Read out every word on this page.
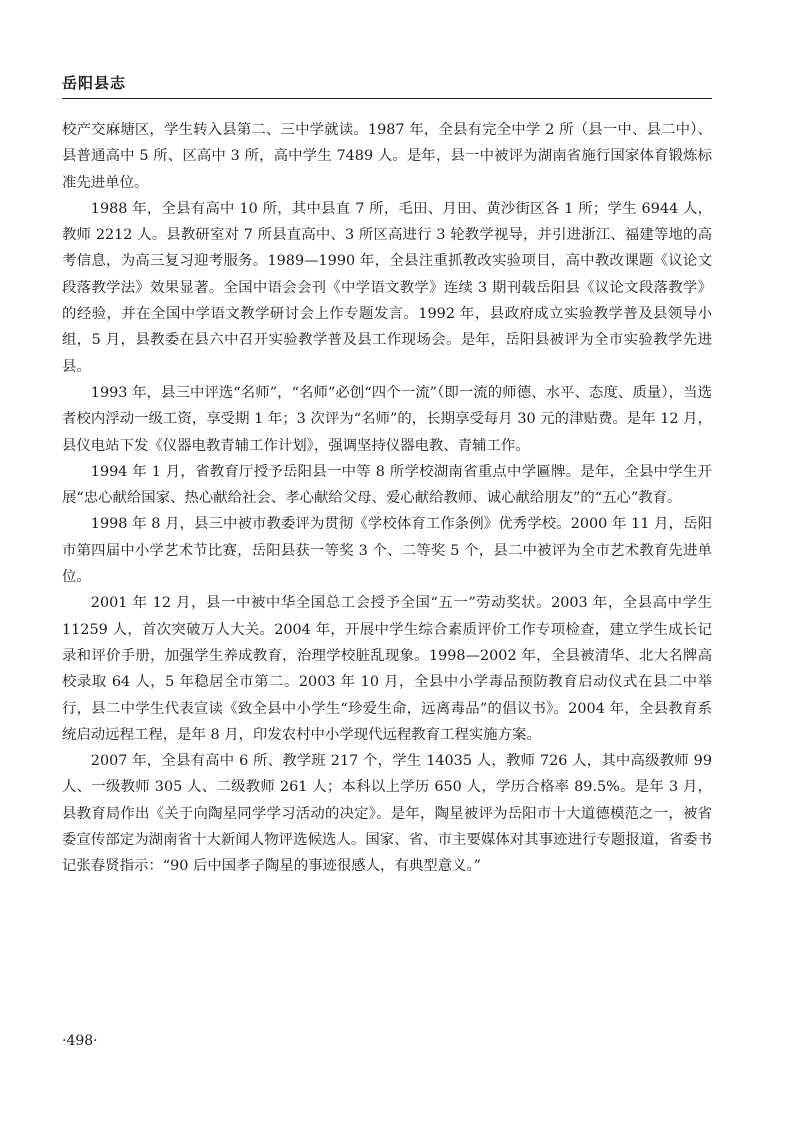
岳阳县志

校产交麻塘区，学生转入县第二、三中学就读。1987 年，全县有完全中学 2 所（县一中、县二中）、县普通高中 5 所、区高中 3 所，高中学生 7489 人。是年，县一中被评为湖南省施行国家体育锻炼标准先进单位。

1988 年，全县有高中 10 所，其中县直 7 所，毛田、月田、黄沙街区各 1 所；学生 6944 人，教师 2212 人。县教研室对 7 所县直高中、3 所区高进行 3 轮教学视导，并引进浙江、福建等地的高考信息，为高三复习迎考服务。1989—1990 年，全县注重抓教改实验项目，高中教改课题《议论文段落教学法》效果显著。全国中语会会刊《中学语文教学》连续 3 期刊载岳阳县《议论文段落教学》的经验，并在全国中学语文教学研讨会上作专题发言。1992 年，县政府成立实验教学普及县领导小组，5 月，县教委在县六中召开实验教学普及县工作现场会。是年，岳阳县被评为全市实验教学先进县。

1993 年，县三中评选“名师”，“名师”必创“四个一流”（即一流的师德、水平、态度、质量），当选者校内浮动一级工资，享受期 1 年；3 次评为“名师”的，长期享受每月 30 元的津贴费。是年 12 月，县仪电站下发《仪器电教青辅工作计划》，强调坚持仪器电教、青辅工作。

1994 年 1 月，省教育厅授予岳阳县一中等 8 所学校湖南省重点中学匾牌。是年，全县中学生开展“忠心献给国家、热心献给社会、孝心献给父母、爱心献给教师、诚心献给朋友”的“五心”教育。

1998 年 8 月，县三中被市教委评为贯彻《学校体育工作条例》优秀学校。2000 年 11 月，岳阳市第四届中小学艺术节比赛，岳阳县获一等奖 3 个、二等奖 5 个，县二中被评为全市艺术教育先进单位。

2001 年 12 月，县一中被中华全国总工会授予全国“五一”劳动奖状。2003 年，全县高中学生 11259 人，首次突破万人大关。2004 年，开展中学生综合素质评价工作专项检查，建立学生成长记录和评价手册，加强学生养成教育，治理学校脏乱现象。1998—2002 年，全县被清华、北大名牌高校录取 64 人，5 年稳居全市第二。2003 年 10 月，全县中小学毒品预防教育启动仪式在县二中举行，县二中学生代表宣读《致全县中小学生“珍爱生命，远离毒品”的倡议书》。2004 年，全县教育系统启动远程工程，是年 8 月，印发农村中小学现代远程教育工程实施方案。

2007 年，全县有高中 6 所、教学班 217 个，学生 14035 人，教师 726 人，其中高级教师 99 人、一级教师 305 人、二级教师 261 人；本科以上学历 650 人，学历合格率 89.5%。是年 3 月，县教育局作出《关于向陶星同学学习活动的决定》。是年，陶星被评为岳阳市十大道德模范之一，被省委宣传部定为湖南省十大新闻人物评选候选人。国家、省、市主要媒体对其事迹进行专题报道，省委书记张春贤指示：“90 后中国孝子陶星的事迹很感人，有典型意义。”

·498·
